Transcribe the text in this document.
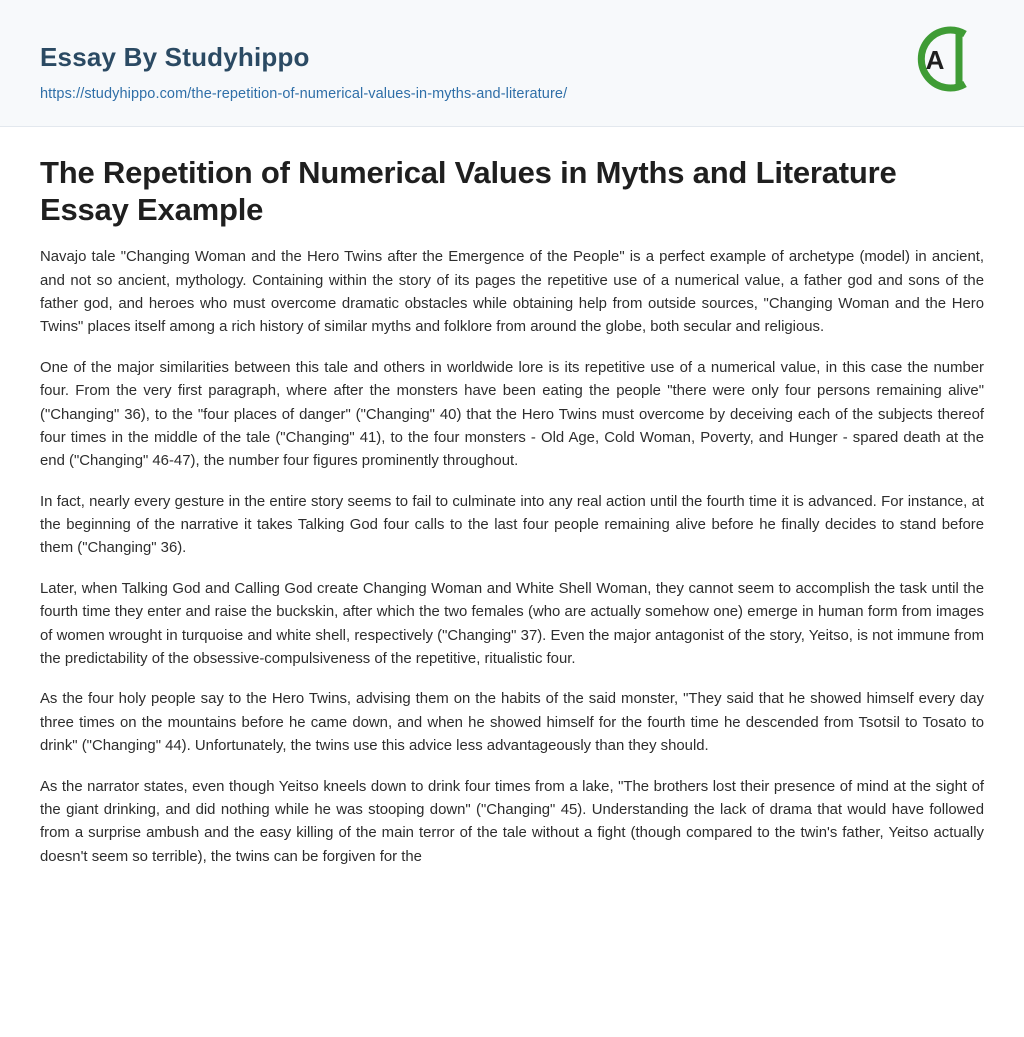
Essay By Studyhippo
https://studyhippo.com/the-repetition-of-numerical-values-in-myths-and-literature/
A
The Repetition of Numerical Values in Myths and Literature Essay Example

Navajo tale "Changing Woman and the Hero Twins after the Emergence of the People" is a perfect example of archetype (model) in ancient, and not so ancient, mythology. Containing within the story of its pages the repetitive use of a numerical value, a father god and sons of the father god, and heroes who must overcome dramatic obstacles while obtaining help from outside sources, "Changing Woman and the Hero Twins" places itself among a rich history of similar myths and folklore from around the globe, both secular and religious.

One of the major similarities between this tale and others in worldwide lore is its repetitive use of a numerical value, in this case the number four. From the very first paragraph, where after the monsters have been eating the people "there were only four persons remaining alive" ("Changing" 36), to the "four places of danger" ("Changing" 40) that the Hero Twins must overcome by deceiving each of the subjects thereof four times in the middle of the tale ("Changing" 41), to the four monsters - Old Age, Cold Woman, Poverty, and Hunger - spared death at the end ("Changing" 46-47), the number four figures prominently throughout.

In fact, nearly every gesture in the entire story seems to fail to culminate into any real action until the fourth time it is advanced. For instance, at the beginning of the narrative it takes Talking God four calls to the last four people remaining alive before he finally decides to stand before them ("Changing" 36).

Later, when Talking God and Calling God create Changing Woman and White Shell Woman, they cannot seem to accomplish the task until the fourth time they enter and raise the buckskin, after which the two females (who are actually somehow one) emerge in human form from images of women wrought in turquoise and white shell, respectively ("Changing" 37). Even the major antagonist of the story, Yeitso, is not immune from the predictability of the obsessive-compulsiveness of the repetitive, ritualistic four.

As the four holy people say to the Hero Twins, advising them on the habits of the said monster, "They said that he showed himself every day three times on the mountains before he came down, and when he showed himself for the fourth time he descended from Tsotsil to Tosato to drink" ("Changing" 44). Unfortunately, the twins use this advice less advantageously than they should.

As the narrator states, even though Yeitso kneels down to drink four times from a lake, "The brothers lost their presence of mind at the sight of the giant drinking, and did nothing while he was stooping down" ("Changing" 45). Understanding the lack of drama that would have followed from a surprise ambush and the easy killing of the main terror of the tale without a fight (though compared to the twin's father, Yeitso actually doesn't seem so terrible), the twins can be forgiven for the
